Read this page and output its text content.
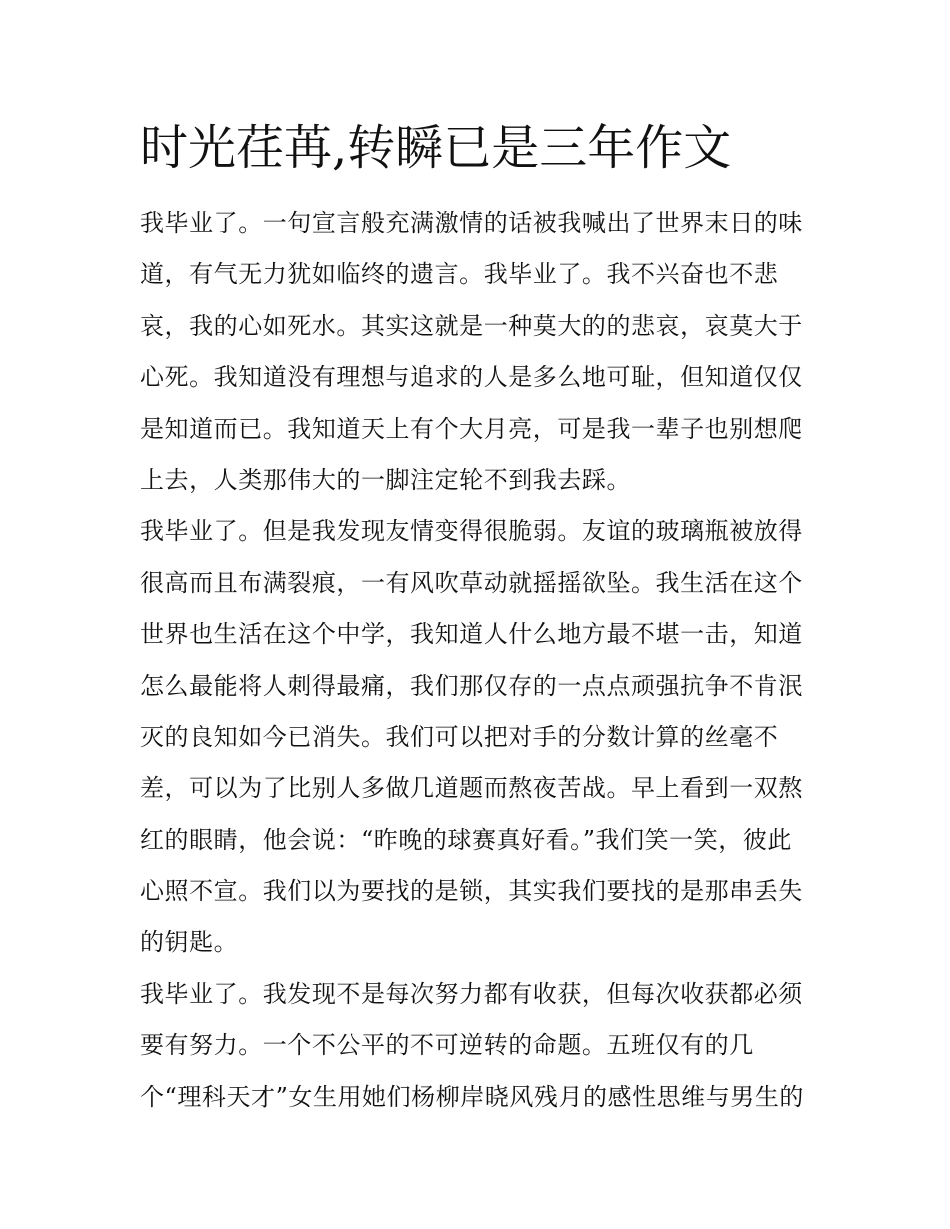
时光荏苒,转瞬已是三年作文
我毕业了。一句宣言般充满激情的话被我喊出了世界末日的味
道，有气无力犹如临终的遗言。我毕业了。我不兴奋也不悲
哀，我的心如死水。其实这就是一种莫大的的悲哀，哀莫大于
心死。我知道没有理想与追求的人是多么地可耻，但知道仅仅
是知道而已。我知道天上有个大月亮，可是我一辈子也别想爬
上去，人类那伟大的一脚注定轮不到我去踩。
我毕业了。但是我发现友情变得很脆弱。友谊的玻璃瓶被放得
很高而且布满裂痕，一有风吹草动就摇摇欲坠。我生活在这个
世界也生活在这个中学，我知道人什么地方最不堪一击，知道
怎么最能将人刺得最痛，我们那仅存的一点点顽强抗争不肯泯
灭的良知如今已消失。我们可以把对手的分数计算的丝毫不
差，可以为了比别人多做几道题而熬夜苦战。早上看到一双熬
红的眼睛，他会说：“昨晚的球赛真好看。”我们笑一笑，彼此
心照不宣。我们以为要找的是锁，其实我们要找的是那串丢失
的钥匙。
我毕业了。我发现不是每次努力都有收获，但每次收获都必须
要有努力。一个不公平的不可逆转的命题。五班仅有的几
个“理科天才”女生用她们杨柳岸晓风残月的感性思维与男生的
